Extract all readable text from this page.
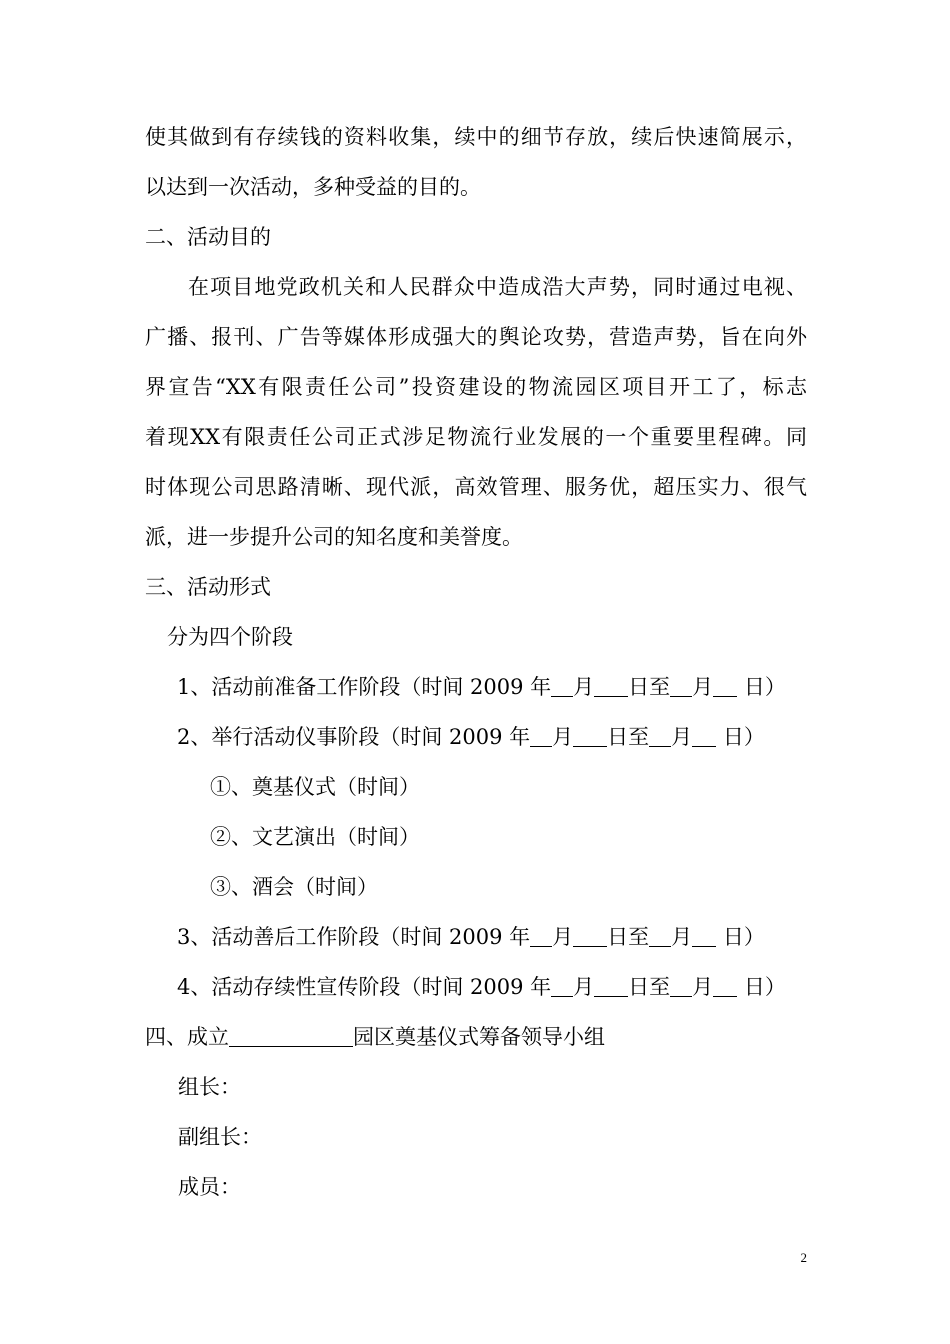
使其做到有存续钱的资料收集，续中的细节存放，续后快速简展示，
以达到一次活动，多种受益的目的。
二、活动目的
在项目地党政机关和人民群众中造成浩大声势，同时通过电视、
广播、报刊、广告等媒体形成强大的舆论攻势，营造声势，旨在向外
界宣告“XX有限责任公司”投资建设的物流园区项目开工了，标志
着现XX有限责任公司正式涉足物流行业发展的一个重要里程碑。同
时体现公司思路清晰、现代派，高效管理、服务优，超压实力、很气
派，进一步提升公司的知名度和美誉度。
三、活动形式
分为四个阶段
1、活动前准备工作阶段（时间 2009 年 月 日至 月 日）
2、举行活动仪事阶段（时间 2009 年 月 日至 月 日）
①、奠基仪式（时间）
②、文艺演出（时间）
③、酒会（时间）
3、活动善后工作阶段（时间 2009 年 月 日至 月 日）
4、活动存续性宣传阶段（时间 2009 年 月 日至 月 日）
四、成立	园区奠基仪式筹备领导小组
组长：
副组长：
成员：
2
